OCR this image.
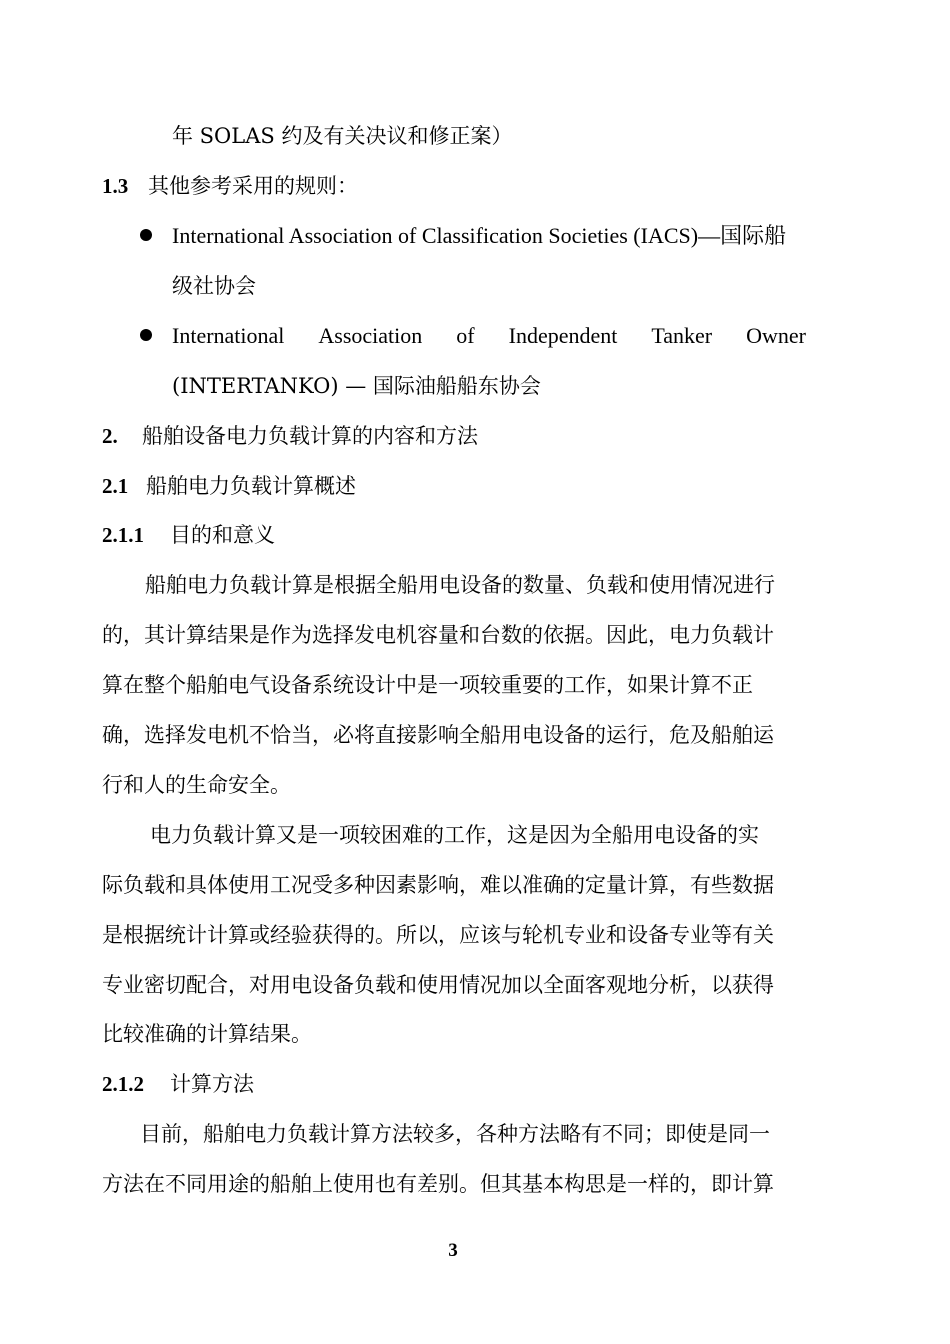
年 SOLAS 约及有关决议和修正案）
1.3 其他参考采用的规则：
International Association of Classification Societies (IACS)—国际船
级社协会
International Association of Independent Tanker Owner
(INTERTANKO) — 国际油船船东协会
2. 船舶设备电力负载计算的内容和方法
2.1 船舶电力负载计算概述
2.1.1 目的和意义
船舶电力负载计算是根据全船用电设备的数量、负载和使用情况进行
的，其计算结果是作为选择发电机容量和台数的依据。因此，电力负载计
算在整个船舶电气设备系统设计中是一项较重要的工作，如果计算不正
确，选择发电机不恰当，必将直接影响全船用电设备的运行，危及船舶运
行和人的生命安全。
电力负载计算又是一项较困难的工作，这是因为全船用电设备的实
际负载和具体使用工况受多种因素影响，难以准确的定量计算，有些数据
是根据统计计算或经验获得的。所以，应该与轮机专业和设备专业等有关
专业密切配合，对用电设备负载和使用情况加以全面客观地分析，以获得
比较准确的计算结果。
2.1.2 计算方法
目前，船舶电力负载计算方法较多，各种方法略有不同；即使是同一
方法在不同用途的船舶上使用也有差别。但其基本构思是一样的，即计算
3
